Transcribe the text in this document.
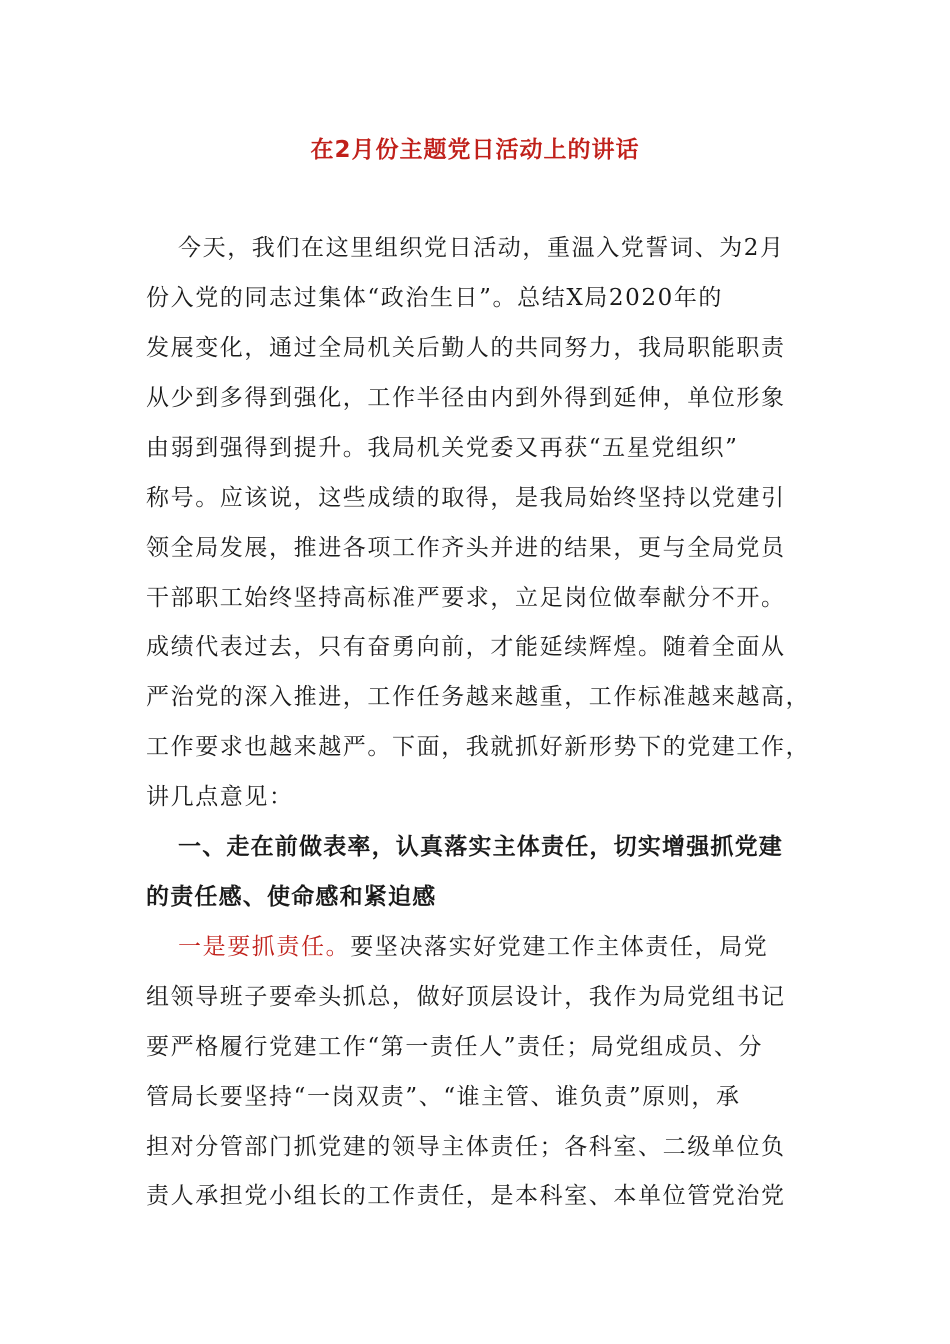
在2月份主题党日活动上的讲话

今天，我们在这里组织党日活动，重温入党誓词、为2月

份入党的同志过集体“政治生日”。总结X局2020年的

发展变化，通过全局机关后勤人的共同努力，我局职能职责

从少到多得到强化，工作半径由内到外得到延伸，单位形象

由弱到强得到提升。我局机关党委又再获“五星党组织”

称号。应该说，这些成绩的取得，是我局始终坚持以党建引

领全局发展，推进各项工作齐头并进的结果，更与全局党员

干部职工始终坚持高标准严要求，立足岗位做奉献分不开。

成绩代表过去，只有奋勇向前，才能延续辉煌。随着全面从

严治党的深入推进，工作任务越来越重，工作标准越来越高，

工作要求也越来越严。下面，我就抓好新形势下的党建工作，

讲几点意见：

一、走在前做表率，认真落实主体责任，切实增强抓党建

的责任感、使命感和紧迫感

一是要抓责任。要坚决落实好党建工作主体责任，局党

组领导班子要牵头抓总，做好顶层设计，我作为局党组书记

要严格履行党建工作“第一责任人”责任；局党组成员、分

管局长要坚持“一岗双责”、“谁主管、谁负责”原则，承

担对分管部门抓党建的领导主体责任；各科室、二级单位负

责人承担党小组长的工作责任，是本科室、本单位管党治党
